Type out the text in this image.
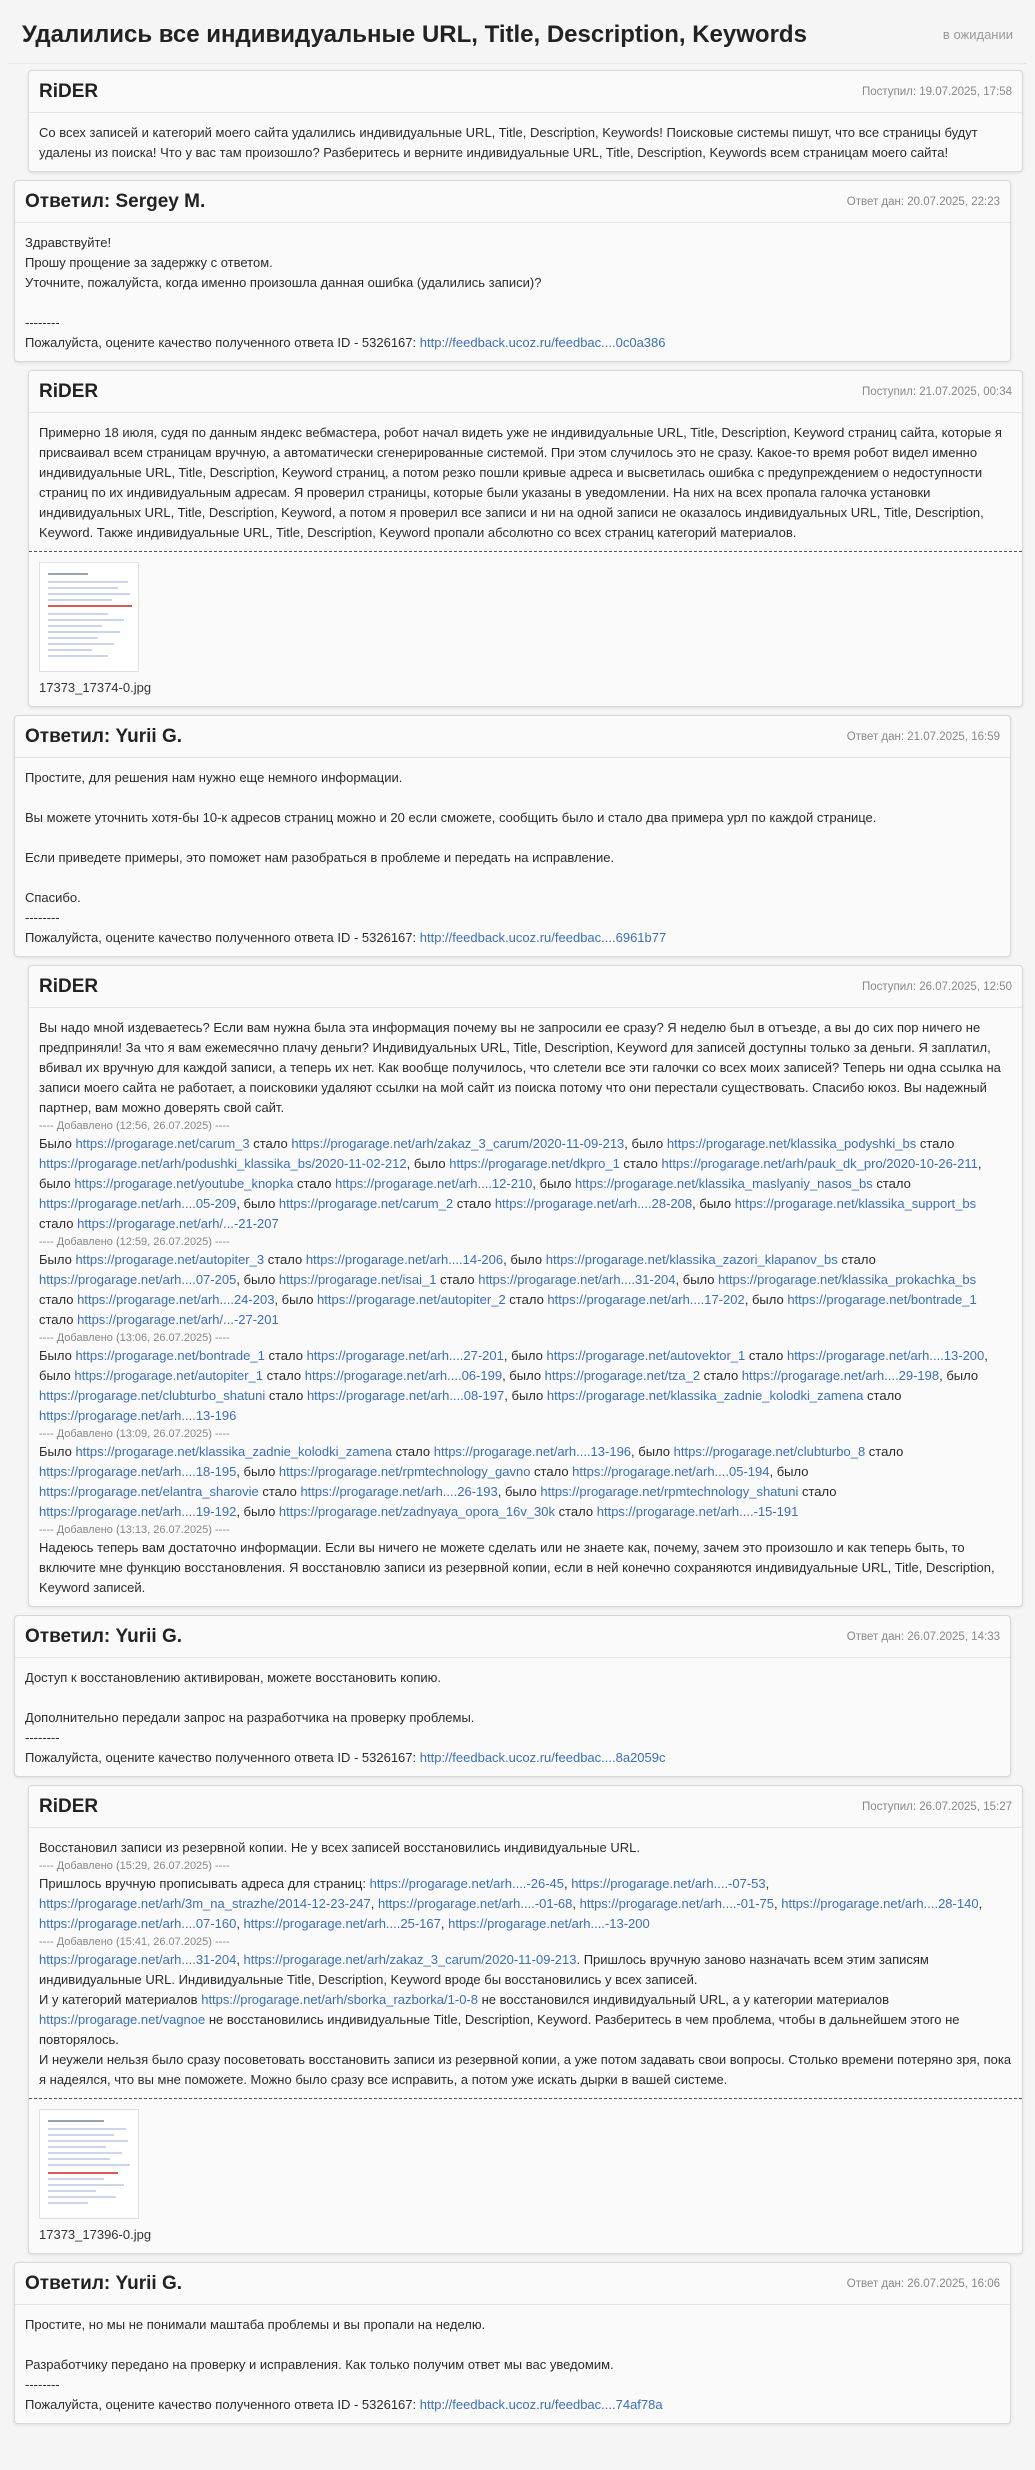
Удалились все индивидуальные URL, Title, Description, Keywords	в ожидании
RiDER	Поступил: 19.07.2025, 17:58

Со всех записей и категорий моего сайта удалились индивидуальные URL, Title, Description, Keywords! Поисковые системы пишут, что все страницы будут удалены из поиска! Что у вас там произошло? Разберитесь и верните индивидуальные URL, Title, Description, Keywords всем страницам моего сайта!

Ответил: Sergey M.	Ответ дан: 20.07.2025, 22:23

Здравствуйте!

Прошу прощение за задержку с ответом.

Уточните, пожалуйста, когда именно произошла данная ошибка (удалились записи)?

--------

Пожалуйста, оцените качество полученного ответа ID - 5326167: http://feedback.ucoz.ru/feedbac....0c0a386

RiDER	Поступил: 21.07.2025, 00:34

Примерно 18 июля, судя по данным яндекс вебмастера, робот начал видеть уже не индивидуальные URL, Title, Description, Keyword страниц сайта, которые я присваивал всем страницам вручную, а автоматически сгенерированные системой. При этом случилось это не сразу. Какое-то время робот видел именно индивидуальные URL, Title, Description, Keyword страниц, а потом резко пошли кривые адреса и высветилась ошибка с предупреждением о недоступности страниц по их индивидуальным адресам. Я проверил страницы, которые были указаны в уведомлении. На них на всех пропала галочка установки индивидуальных URL, Title, Description, Keyword, а потом я проверил все записи и ни на одной записи не оказалось индивидуальных URL, Title, Description, Keyword. Также индивидуальные URL, Title, Description, Keyword пропали абсолютно со всех страниц категорий материалов.

17373_17374-0.jpg
Ответил: Yurii G.	Ответ дан: 21.07.2025, 16:59

Простите, для решения нам нужно еще немного информации.

Вы можете уточнить хотя-бы 10-к адресов страниц можно и 20 если сможете, сообщить было и стало два примера урл по каждой странице.

Если приведете примеры, это поможет нам разобраться в проблеме и передать на исправление.

Спасибо.

--------

Пожалуйста, оцените качество полученного ответа ID - 5326167: http://feedback.ucoz.ru/feedbac....6961b77

RiDER	Поступил: 26.07.2025, 12:50

Вы надо мной издеваетесь? Если вам нужна была эта информация почему вы не запросили ее сразу? Я неделю был в отъезде, а вы до сих пор ничего не предприняли! За что я вам ежемесячно плачу деньги? Индивидуальных URL, Title, Description, Keyword для записей доступны только за деньги. Я заплатил, вбивал их вручную для каждой записи, а теперь их нет. Как вообще получилось, что слетели все эти галочки со всех моих записей? Теперь ни одна ссылка на записи моего сайта не работает, а поисковики удаляют ссылки на мой сайт из поиска потому что они перестали существовать. Спасибо юкоз. Вы надежный партнер, вам можно доверять свой сайт.

---- Добавлено (12:56, 26.07.2025) ----

Было https://progarage.net/carum_3 стало https://progarage.net/arh/zakaz_3_carum/2020-11-09-213, было https://progarage.net/klassika_podyshki_bs стало https://progarage.net/arh/podushki_klassika_bs/2020-11-02-212, было https://progarage.net/dkpro_1 стало https://progarage.net/arh/pauk_dk_pro/2020-10-26-211, было https://progarage.net/youtube_knopka стало https://progarage.net/arh....12-210, было https://progarage.net/klassika_maslyaniy_nasos_bs стало https://progarage.net/arh....05-209, было https://progarage.net/carum_2 стало https://progarage.net/arh....28-208, было https://progarage.net/klassika_support_bs стало https://progarage.net/arh/...-21-207

---- Добавлено (12:59, 26.07.2025) ----

Было https://progarage.net/autopiter_3 стало https://progarage.net/arh....14-206, было https://progarage.net/klassika_zazori_klapanov_bs стало https://progarage.net/arh....07-205, было https://progarage.net/isai_1 стало https://progarage.net/arh....31-204, было https://progarage.net/klassika_prokachka_bs стало https://progarage.net/arh....24-203, было https://progarage.net/autopiter_2 стало https://progarage.net/arh....17-202, было https://progarage.net/bontrade_1 стало https://progarage.net/arh/...-27-201

---- Добавлено (13:06, 26.07.2025) ----

Было https://progarage.net/bontrade_1 стало https://progarage.net/arh....27-201, было https://progarage.net/autovektor_1 стало https://progarage.net/arh....13-200, было https://progarage.net/autopiter_1 стало https://progarage.net/arh....06-199, было https://progarage.net/tza_2 стало https://progarage.net/arh....29-198, было https://progarage.net/clubturbo_shatuni стало https://progarage.net/arh....08-197, было https://progarage.net/klassika_zadnie_kolodki_zamena стало https://progarage.net/arh....13-196

---- Добавлено (13:09, 26.07.2025) ----

Было https://progarage.net/klassika_zadnie_kolodki_zamena стало https://progarage.net/arh....13-196, было https://progarage.net/clubturbo_8 стало https://progarage.net/arh....18-195, было https://progarage.net/rpmtechnology_gavno стало https://progarage.net/arh....05-194, было https://progarage.net/elantra_sharovie стало https://progarage.net/arh....26-193, было https://progarage.net/rpmtechnology_shatuni стало https://progarage.net/arh....19-192, было https://progarage.net/zadnyaya_opora_16v_30k стало https://progarage.net/arh....-15-191

---- Добавлено (13:13, 26.07.2025) ----

Надеюсь теперь вам достаточно информации. Если вы ничего не можете сделать или не знаете как, почему, зачем это произошло и как теперь быть, то включите мне функцию восстановления. Я восстановлю записи из резервной копии, если в ней конечно сохраняются индивидуальные URL, Title, Description, Keyword записей.

Ответил: Yurii G.	Ответ дан: 26.07.2025, 14:33

Доступ к восстановлению активирован, можете восстановить копию.

Дополнительно передали запрос на разработчика на проверку проблемы.

--------

Пожалуйста, оцените качество полученного ответа ID - 5326167: http://feedback.ucoz.ru/feedbac....8a2059c

RiDER	Поступил: 26.07.2025, 15:27

Восстановил записи из резервной копии. Не у всех записей восстановились индивидуальные URL.

---- Добавлено (15:29, 26.07.2025) ----

Пришлось вручную прописывать адреса для страниц: https://progarage.net/arh....-26-45, https://progarage.net/arh....-07-53, https://progarage.net/arh/3m_na_strazhe/2014-12-23-247, https://progarage.net/arh....-01-68, https://progarage.net/arh....-01-75, https://progarage.net/arh....28-140, https://progarage.net/arh....07-160, https://progarage.net/arh....25-167, https://progarage.net/arh....-13-200

---- Добавлено (15:41, 26.07.2025) ----

https://progarage.net/arh....31-204, https://progarage.net/arh/zakaz_3_carum/2020-11-09-213. Пришлось вручную заново назначать всем этим записям индивидуальные URL. Индивидуальные Title, Description, Keyword вроде бы восстановились у всех записей.

И у категорий материалов https://progarage.net/arh/sborka_razborka/1-0-8 не восстановился индивидуальный URL, а у категории материалов https://progarage.net/vagnoe не восстановились индивидуальные Title, Description, Keyword. Разберитесь в чем проблема, чтобы в дальнейшем этого не повторялось.

И неужели нельзя было сразу посоветовать восстановить записи из резервной копии, а уже потом задавать свои вопросы. Столько времени потеряно зря, пока я надеялся, что вы мне поможете. Можно было сразу все исправить, а потом уже искать дырки в вашей системе.

17373_17396-0.jpg
Ответил: Yurii G.	Ответ дан: 26.07.2025, 16:06

Простите, но мы не понимали маштаба проблемы и вы пропали на неделю.

Разработчику передано на проверку и исправления. Как только получим ответ мы вас уведомим.

--------

Пожалуйста, оцените качество полученного ответа ID - 5326167: http://feedback.ucoz.ru/feedbac....74af78a
